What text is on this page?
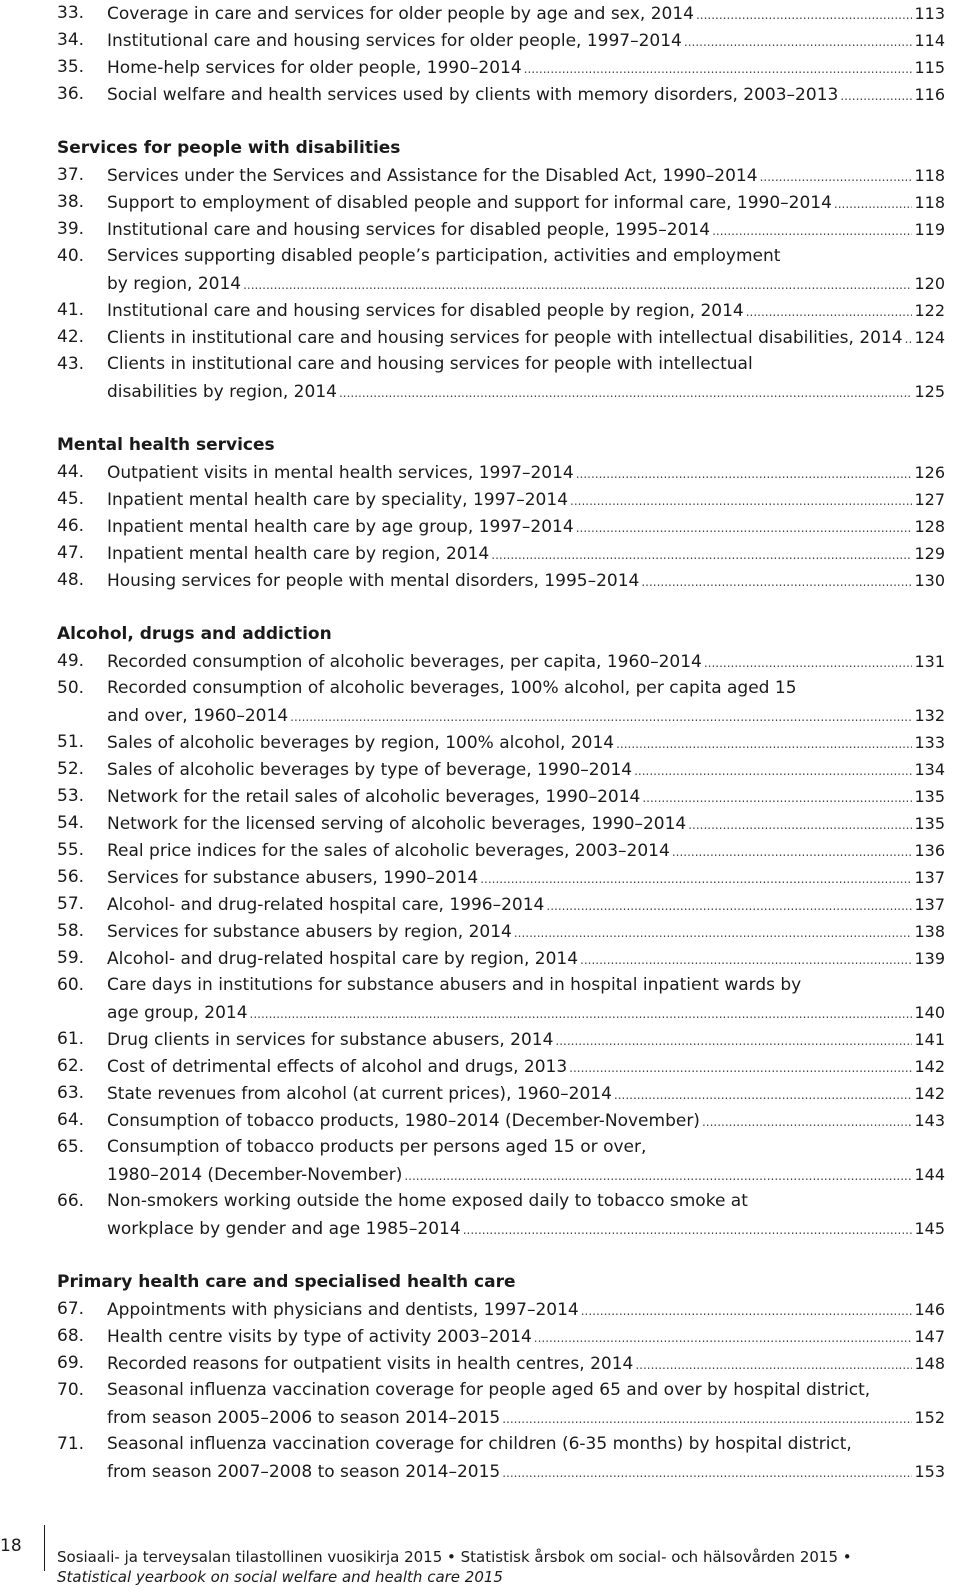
33.	Coverage in care and services for older people by age and sex, 2014 .....	113
34.	Institutional care and housing services for older people, 1997–2014 .....	114
35.	Home-help services for older people, 1990–2014 .....	115
36.	Social welfare and health services used by clients with memory disorders, 2003–2013 .....	116
Services for people with disabilities
37.	Services under the Services and Assistance for the Disabled Act, 1990–2014 .....	118
38.	Support to employment of disabled people and support for informal care, 1990–2014 .....	118
39.	Institutional care and housing services for disabled people, 1995–2014 .....	119
40.	Services supporting disabled people’s participation, activities and employment
by region, 2014 .....	120
41.	Institutional care and housing services for disabled people by region, 2014 .....	122
42.	Clients in institutional care and housing services for people with intellectual disabilities, 2014 ..... 124
43.	Clients in institutional care and housing services for people with intellectual
disabilities by region, 2014 .....	125
Mental health services
44.	Outpatient visits in mental health services, 1997–2014 .....	126
45.	Inpatient mental health care by speciality, 1997–2014 .....	127
46.	Inpatient mental health care by age group, 1997–2014 .....	128
47.	Inpatient mental health care by region, 2014 .....	129
48.	Housing services for people with mental disorders, 1995–2014 .....	130
Alcohol, drugs and addiction
49.	Recorded consumption of alcoholic beverages, per capita, 1960–2014 .....	131
50.	Recorded consumption of alcoholic beverages, 100% alcohol, per capita aged 15
and over, 1960–2014 .....	132
51.	Sales of alcoholic beverages by region, 100% alcohol, 2014 .....	133
52.	Sales of alcoholic beverages by type of beverage, 1990–2014 .....	134
53.	Network for the retail sales of alcoholic beverages, 1990–2014 .....	135
54.	Network for the licensed serving of alcoholic beverages, 1990–2014 .....	135
55.	Real price indices for the sales of alcoholic beverages, 2003–2014 .....	136
56.	Services for substance abusers, 1990–2014 .....	137
57.	Alcohol- and drug-related hospital care, 1996–2014 .....	137
58.	Services for substance abusers by region, 2014 .....	138
59.	Alcohol- and drug-related hospital care by region, 2014 .....	139
60.	Care days in institutions for substance abusers and in hospital inpatient wards by
age group, 2014 .....	140
61.	Drug clients in services for substance abusers, 2014 .....	141
62.	Cost of detrimental effects of alcohol and drugs, 2013 .....	142
63.	State revenues from alcohol (at current prices), 1960–2014 .....	142
64.	Consumption of tobacco products, 1980–2014 (December-November) .....	143
65.	Consumption of tobacco products per persons aged 15 or over,
1980–2014 (December-November) .....	144
66.	Non-smokers working outside the home exposed daily to tobacco smoke at
workplace by gender and age 1985–2014 .....	145
Primary health care and specialised health care
67.	Appointments with physicians and dentists, 1997–2014 .....	146
68.	Health centre visits by type of activity 2003–2014 .....	147
69.	Recorded reasons for outpatient visits in health centres, 2014 .....	148
70.	Seasonal influenza vaccination coverage for people aged 65 and over by hospital district,
from season 2005–2006 to season 2014–2015 .....	152
71.	Seasonal influenza vaccination coverage for children (6-35 months) by hospital district,
from season 2007–2008 to season 2014–2015 .....	153
18
Sosiaali- ja terveysalan tilastollinen vuosikirja 2015 • Statistisk årsbok om social- och hälsovården 2015 •
Statistical yearbook on social welfare and health care 2015
